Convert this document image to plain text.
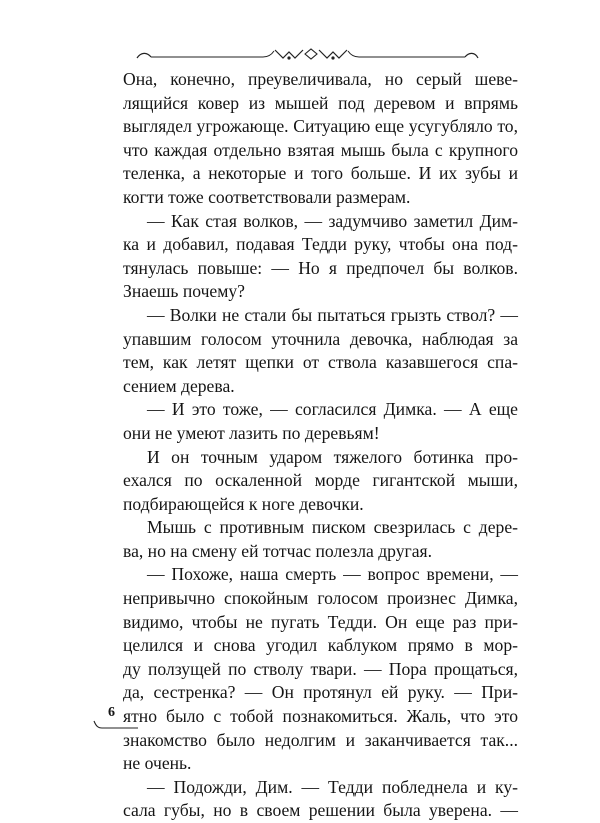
Она, конечно, преувеличивала, но серый шеве-
лящийся ковер из мышей под деревом и впрямь
выглядел угрожающе. Ситуацию еще усугубляло то,
что каждая отдельно взятая мышь была с крупного
теленка, а некоторые и того больше. И их зубы и
когти тоже соответствовали размерам.
— Как стая волков, — задумчиво заметил Дим-
ка и добавил, подавая Тедди руку, чтобы она под-
тянулась повыше: — Но я предпочел бы волков.
Знаешь почему?
— Волки не стали бы пытаться грызть ствол? —
упавшим голосом уточнила девочка, наблюдая за
тем, как летят щепки от ствола казавшегося спа-
сением дерева.
— И это тоже, — согласился Димка. — А еще
они не умеют лазить по деревьям!
И он точным ударом тяжелого ботинка про-
ехался по оскаленной морде гигантской мыши,
подбирающейся к ноге девочки.
Мышь с противным писком свезрилась с дере-
ва, но на смену ей тотчас полезла другая.
— Похоже, наша смерть — вопрос времени, —
непривычно спокойным голосом произнес Димка,
видимо, чтобы не пугать Тедди. Он еще раз при-
целился и снова угодил каблуком прямо в мор-
ду ползущей по стволу твари. — Пора прощаться,
да, сестренка? — Он протянул ей руку. — При-
ятно было с тобой познакомиться. Жаль, что это
знакомство было недолгим и заканчивается так...
не очень.
— Подожди, Дим. — Тедди побледнела и ку-
сала губы, но в своем решении была уверена. —
6
